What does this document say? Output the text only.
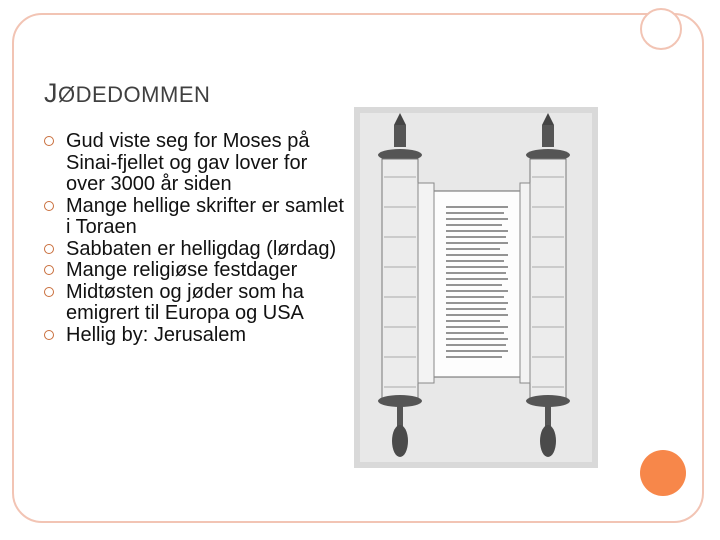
JØDEDOMMEN
Gud viste seg for Moses på Sinai-fjellet og gav lover for over 3000 år siden
Mange hellige skrifter er samlet i Toraen
Sabbaten er helligdag (lørdag)
Mange religiøse festdager
Midtøsten og jøder som ha emigrert til Europa og USA
Hellig by: Jerusalem
